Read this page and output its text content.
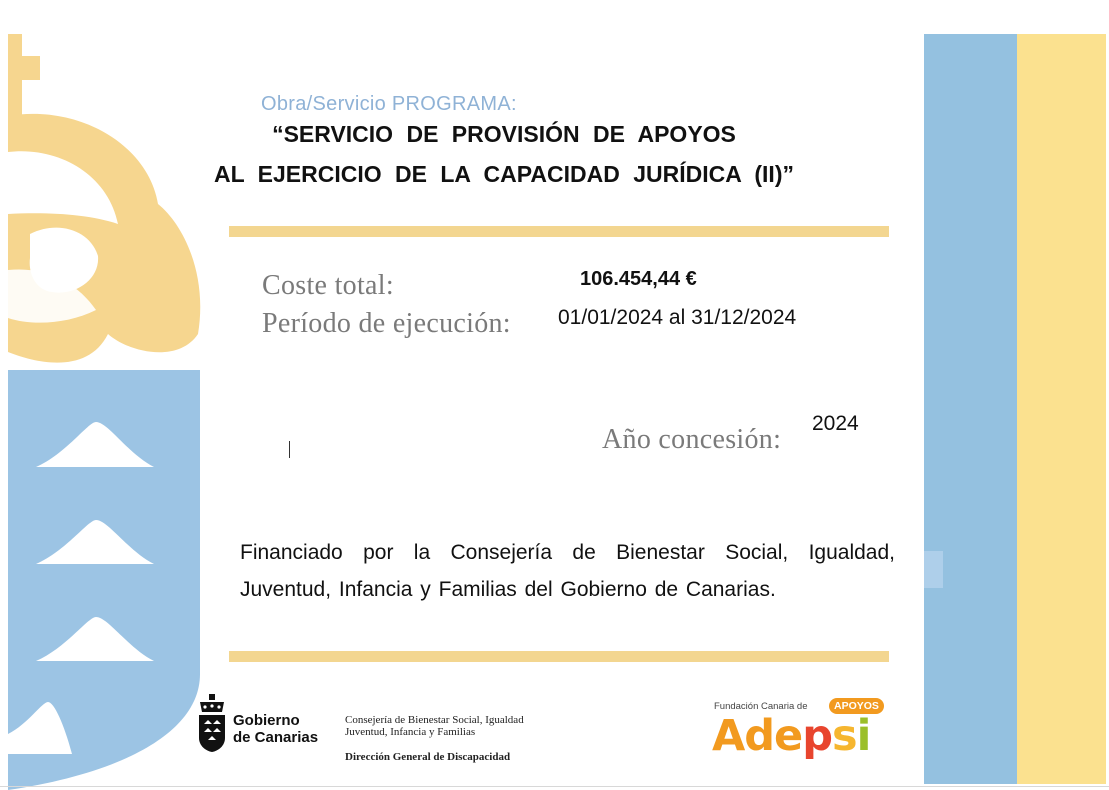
Obra/Servicio PROGRAMA:
“SERVICIO DE PROVISIÓN DE APOYOS
AL EJERCICIO DE LA CAPACIDAD JURÍDICA (II)”
Coste total:	106.454,44 €
Período de ejecución: 01/01/2024 al 31/12/2024
Año concesión:
2024
Financiado por la Consejería de Bienestar Social, Igualdad, Juventud, Infancia y Familias del Gobierno de Canarias.
Gobierno
de Canarias
Consejería de Bienestar Social, Igualdad
Juventud, Infancia y Familias
Dirección General de Discapacidad
Fundación Canaria de	APOYOS
Adepsi
